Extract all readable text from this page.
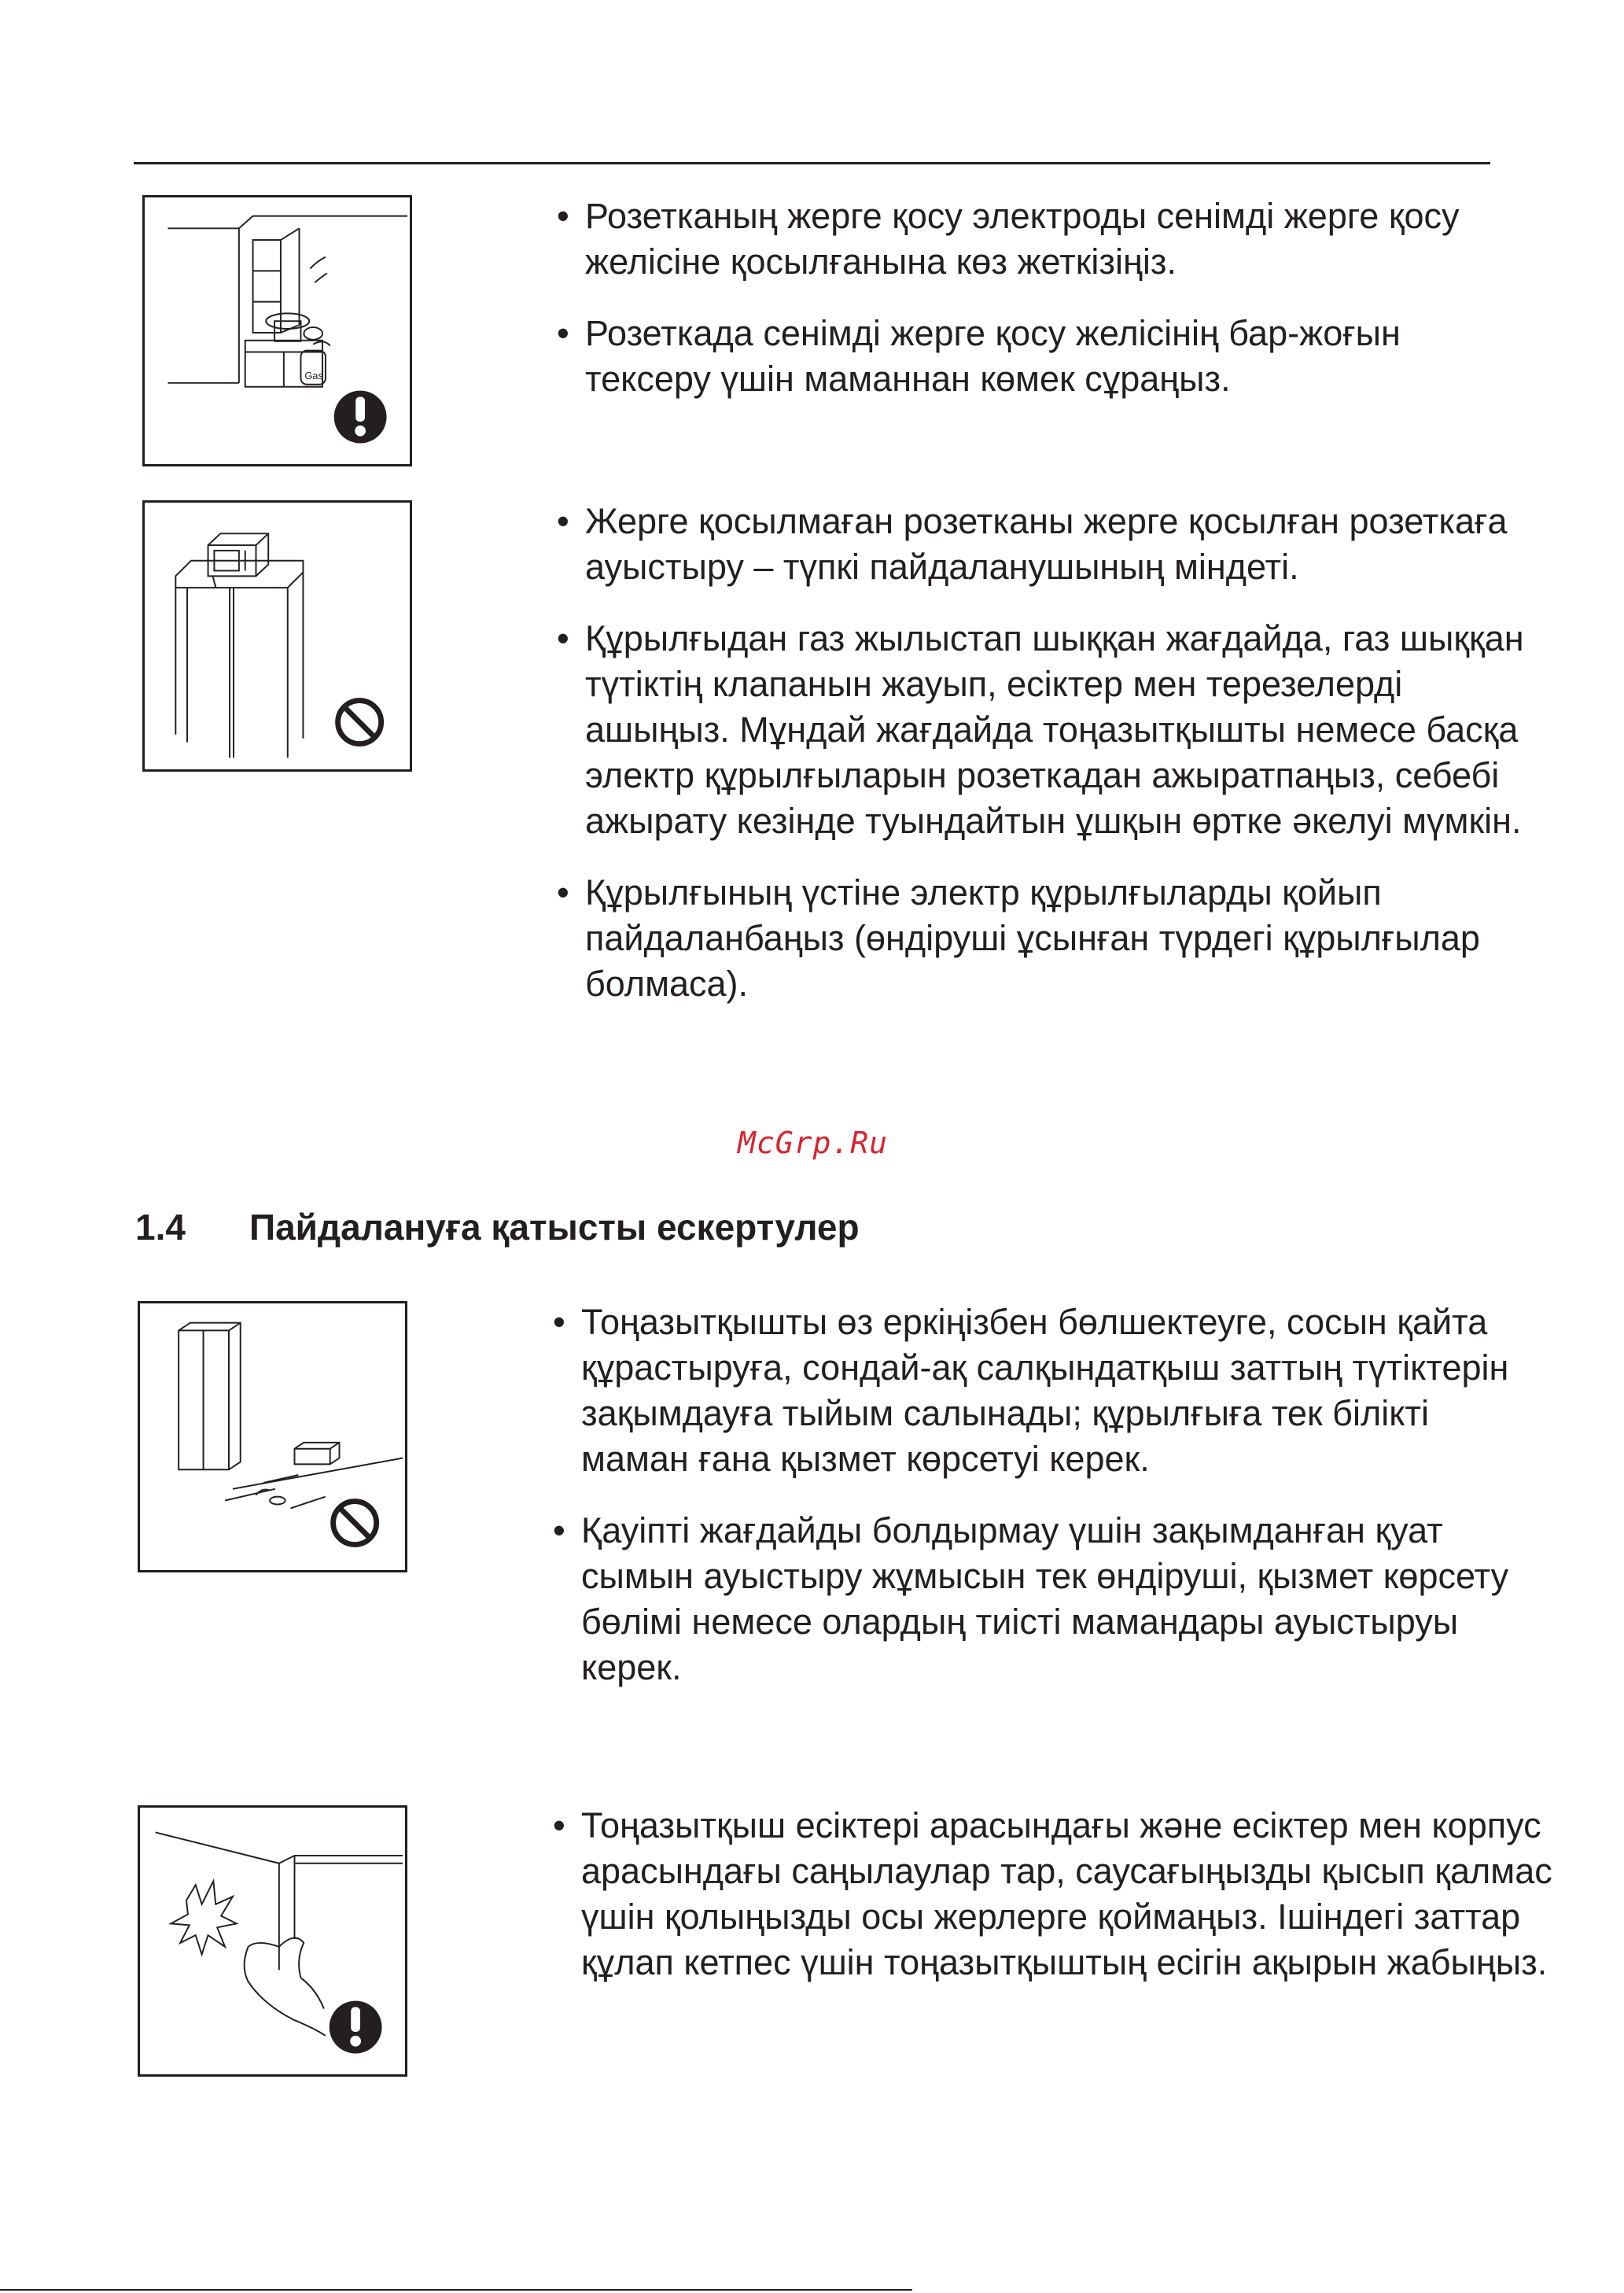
Gas
• Розетканың жерге қосу электроды сенімді жерге қосу желісіне қосылғанына көз жеткізіңіз.
• Розеткада сенімді жерге қосу желісінің бар-жоғын тексеру үшін маманнан көмек сұраңыз.
• Жерге қосылмаған розетканы жерге қосылған розеткаға ауыстыру – түпкі пайдаланушының міндеті.
• Құрылғыдан газ жылыстап шыққан жағдайда, газ шыққан түтіктің клапанын жауып, есіктер мен терезелерді ашыңыз. Мұндай жағдайда тоңазытқышты немесе басқа электр құрылғыларын розеткадан ажыратпаңыз, себебі ажырату кезінде туындайтын ұшқын өртке әкелуі мүмкін.
• Құрылғының үстіне электр құрылғыларды қойып пайдаланбаңыз (өндіруші ұсынған түрдегі құрылғылар болмаса).
McGrp.Ru
1.4 Пайдалануға қатысты ескертулер
• Тоңазытқышты өз еркіңізбен бөлшектеуге, сосын қайта құрастыруға, сондай-ақ салқындатқыш заттың түтіктерін зақымдауға тыйым салынады; құрылғыға тек білікті маман ғана қызмет көрсетуі керек.
• Қауіпті жағдайды болдырмау үшін зақымданған қуат сымын ауыстыру жұмысын тек өндіруші, қызмет көрсету бөлімі немесе олардың тиісті мамандары ауыстыруы керек.
• Тоңазытқыш есіктері арасындағы және есіктер мен корпус арасындағы саңылаулар тар, саусағыңызды қысып қалмас үшін қолыңызды осы жерлерге қоймаңыз. Ішіндегі заттар құлап кетпес үшін тоңазытқыштың есігін ақырын жабыңыз.
